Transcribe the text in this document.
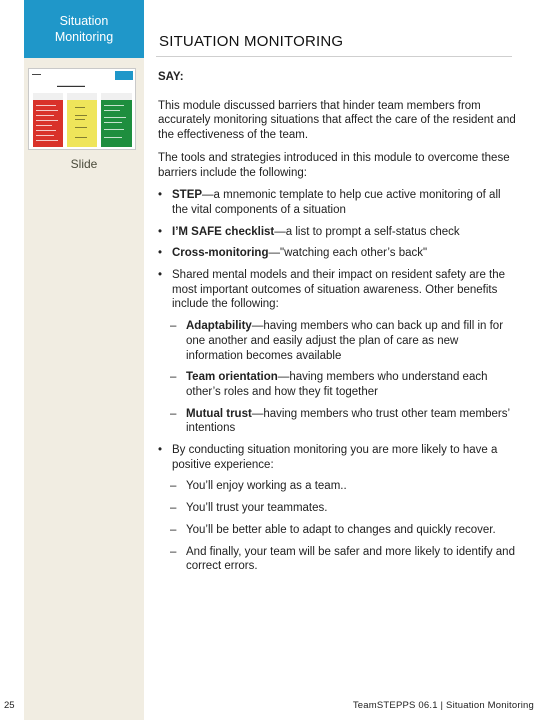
Situation
Monitoring
▬▬▬
▬▬▬▬▬▬▬
Slide
SITUATION MONITORING
SAY:

This module discussed barriers that hinder team members from accurately monitoring situations that affect the care of the resident and the effectiveness of the team.

The tools and strategies introduced in this module to overcome these barriers include the following:

• STEP—a mnemonic template to help cue active monitoring of all the vital components of a situation
• I’M SAFE checklist—a list to prompt a self-status check
• Cross-monitoring—"watching each other’s back"
• Shared mental models and their impact on resident safety are the most important outcomes of situation awareness. Other benefits include the following:
– Adaptability—having members who can back up and fill in for one another and easily adjust the plan of care as new information becomes available
– Team orientation—having members who understand each other’s roles and how they fit together
– Mutual trust—having members who trust other team members’ intentions
• By conducting situation monitoring you are more likely to have a positive experience:
– You’ll enjoy working as a team..
– You’ll trust your teammates.
– You’ll be better able to adapt to changes and quickly recover.
– And finally, your team will be safer and more likely to identify and correct errors.
25	TeamSTEPPS 06.1 | Situation Monitoring
